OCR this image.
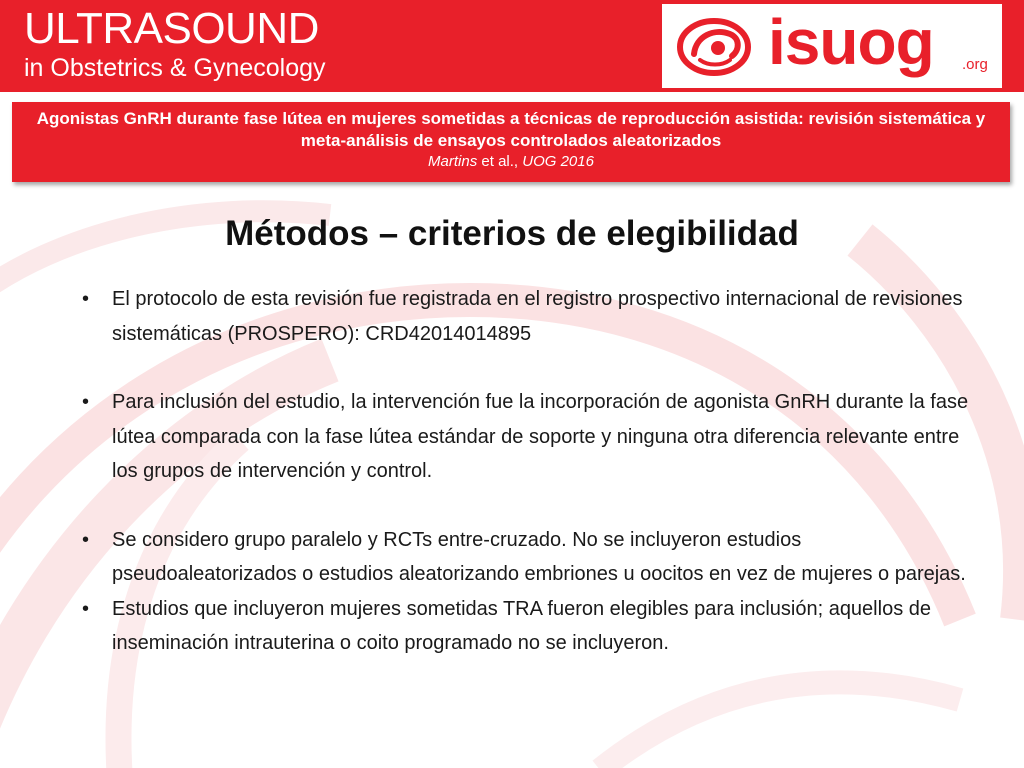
ULTRASOUND
in Obstetrics & Gynecology	isuog .org
Agonistas GnRH durante fase lútea en mujeres sometidas a técnicas de reproducción asistida: revisión sistemática y meta-análisis de ensayos controlados aleatorizados
Martins et al., UOG 2016
Métodos – criterios de elegibilidad
• El protocolo de esta revisión fue registrada en el registro prospectivo internacional de revisiones sistemáticas (PROSPERO): CRD42014014895
• Para inclusión del estudio, la intervención fue la incorporación de agonista GnRH durante la fase lútea comparada con la fase lútea estándar de soporte y ninguna otra diferencia relevante entre los grupos de intervención y control.
• Se considero grupo paralelo y RCTs entre-cruzado. No se incluyeron estudios pseudoaleatorizados o estudios aleatorizando embriones u oocitos en vez de mujeres o parejas.
• Estudios que incluyeron mujeres sometidas TRA fueron elegibles para inclusión; aquellos de inseminación intrauterina o coito programado no se incluyeron.
